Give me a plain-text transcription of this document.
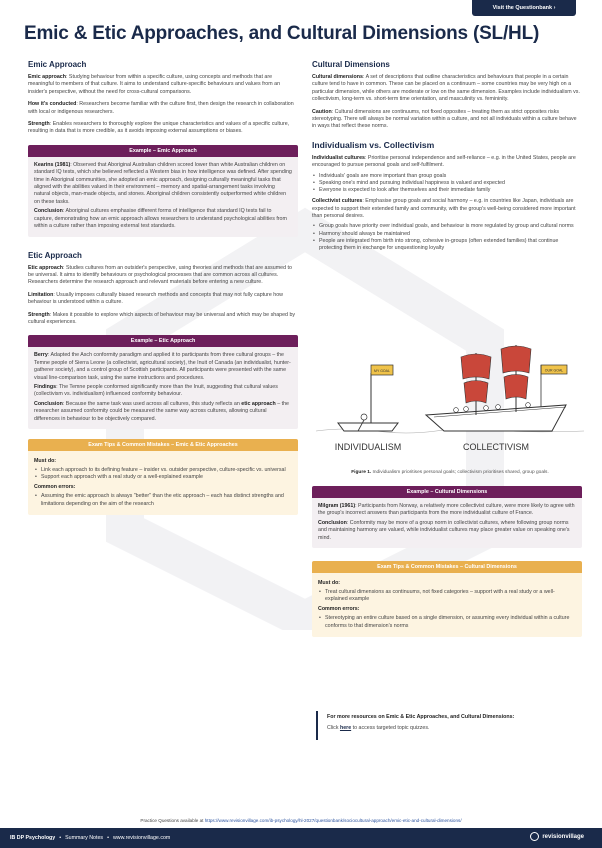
Visit the Questionbank ›
Emic & Etic Approaches, and Cultural Dimensions (SL/HL)
Emic Approach

Emic approach: Studying behaviour from within a specific culture, using concepts and methods that are meaningful to members of that culture. It aims to understand culture-specific behaviours and values from an insider's perspective, without the need for cross-cultural comparisons.

How it's conducted: Researchers become familiar with the culture first, then design the research in collaboration with local or indigenous researchers.

Strength: Enables researchers to thoroughly explore the unique characteristics and values of a specific culture, resulting in data that is more credible, as it avoids imposing external assumptions or biases.

Example – Emic Approach

Kearins (1981): Observed that Aboriginal Australian children scored lower than white Australian children on standard IQ tests, which she believed reflected a Western bias in how intelligence was defined. After spending time in Aboriginal communities, she adopted an emic approach, designing culturally meaningful tasks that aligned with the abilities valued in their environment – memory and spatial-arrangement tasks involving natural objects, man-made objects, and stones. Aboriginal children consistently outperformed white children on these tasks.

Conclusion: Aboriginal cultures emphasise different forms of intelligence that standard IQ tests fail to capture, demonstrating how an emic approach allows researchers to understand psychological abilities from within a culture rather than imposing external test standards.

Etic Approach

Etic approach: Studies cultures from an outsider's perspective, using theories and methods that are assumed to be universal. It aims to identify behaviours or psychological processes that are common across all cultures. Researchers determine the research approach and relevant materials before entering a new culture.

Limitation: Usually imposes culturally biased research methods and concepts that may not fully capture how behaviour is understood within a culture.

Strength: Makes it possible to explore which aspects of behaviour may be universal and which may be shaped by cultural experiences.

Example – Etic Approach

Berry: Adapted the Asch conformity paradigm and applied it to participants from three cultural groups – the Temne people of Sierra Leone (a collectivist, agricultural society), the Inuit of Canada (an individualist, hunter-gatherer society), and a control group of Scottish participants. All participants were presented with the same visual line-comparison task, using the same instructions and procedures.

Findings: The Temne people conformed significantly more than the Inuit, suggesting that cultural values (collectivism vs. individualism) influenced conformity behaviour.

Conclusion: Because the same task was used across all cultures, this study reflects an etic approach – the researcher assumed conformity could be measured the same way across cultures, allowing cultural differences in behaviour to be objectively compared.

Exam Tips & Common Mistakes – Emic & Etic Approaches
Must do:
• Link each approach to its defining feature – insider vs. outsider perspective, culture-specific vs. universal
• Support each approach with a real study or a well-explained example
Common errors:
• Assuming the emic approach is always "better" than the etic approach – each has distinct strengths and limitations depending on the aim of the research
Cultural Dimensions

Cultural dimensions: A set of descriptions that outline characteristics and behaviours that people in a certain culture tend to have in common. These can be placed on a continuum – some countries may be very high on a particular dimension, while others are moderate or low on the same dimension. Examples include individualism vs. collectivism, long-term vs. short-term time orientation, and masculinity vs. femininity.

Caution: Cultural dimensions are continuums, not fixed opposites – treating them as strict opposites risks stereotyping. There will always be normal variation within a culture, and not all individuals within a culture behave in ways that reflect these norms.

Individualism vs. Collectivism

Individualist cultures: Prioritise personal independence and self-reliance – e.g. in the United States, people are encouraged to pursue personal goals and self-fulfilment.

• Individuals' goals are more important than group goals
• Speaking one's mind and pursuing individual happiness is valued and expected
• Everyone is expected to look after themselves and their immediate family

Collectivist cultures: Emphasise group goals and social harmony – e.g. in countries like Japan, individuals are expected to support their extended family and community, with the group's well-being considered more important than personal desires.

• Group goals have priority over individual goals, and behaviour is more regulated by group and cultural norms
• Harmony should always be maintained
• People are integrated from birth into strong, cohesive in-groups (often extended families) that continue protecting them in exchange for unquestioning loyalty
MY GOAL	OUR GOAL
INDIVIDUALISM	COLLECTIVISM
Figure 1. Individualism prioritises personal goals; collectivism prioritises shared, group goals.
Example – Cultural Dimensions

Milgram (1961): Participants from Norway, a relatively more collectivist culture, were more likely to agree with the group's incorrect answers than participants from the more individualist culture of France.

Conclusion: Conformity may be more of a group norm in collectivist cultures, where following group norms and maintaining harmony are valued, while individualist cultures may place greater value on speaking one's mind.

Exam Tips & Common Mistakes – Cultural Dimensions
Must do:
• Treat cultural dimensions as continuums, not fixed categories – support with a real study or a well-explained example
Common errors:
• Stereotyping an entire culture based on a single dimension, or assuming every individual within a culture conforms to that dimension's norms

For more resources on Emic & Etic Approaches, and Cultural Dimensions:

Click here to access targeted topic quizzes.

Practice Questions available at https://www.revisionvillage.com/ib-psychology/hl-2027/questionbank/sociocultural-approach/emic-etic-and-cultural-dimensions/
IB DP Psychology • Summary Notes • www.revisionvillage.com	revisionvillage
